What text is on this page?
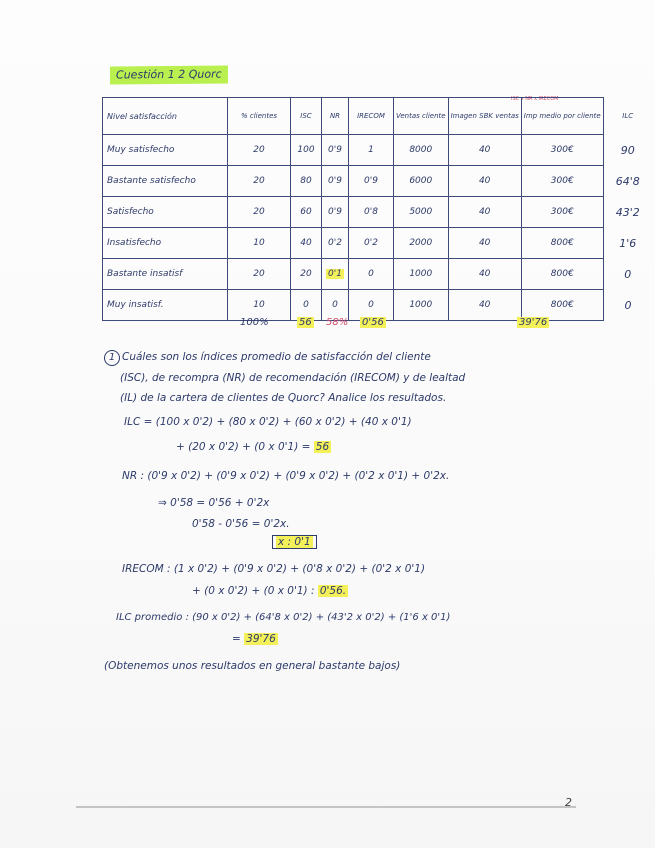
Cuestión 1 2 Quorc
ISC x NR x IRECOM
Nivel satisfacción	% clientes	ISC	NR	IRECOM	Ventas cliente	Imagen SBK ventas	Imp medio por cliente	ILC
Muy satisfecho	20	100	0'9	1	8000	40	300€	90
Bastante satisfecho	20	80	0'9	0'9	6000	40	300€	64'8
Satisfecho	20	60	0'9	0'8	5000	40	300€	43'2
Insatisfecho	10	40	0'2	0'2	2000	40	800€	1'6
Bastante insatisf	20	20	0'1	0	1000	40	800€	0
Muy insatisf.	10	0	0	0	1000	40	800€	0
100%	56 58% 0'56	39'76
1 Cuáles son los índices promedio de satisfacción del cliente
(ISC), de recompra (NR) de recomendación (IRECOM) y de lealtad
(IL) de la cartera de clientes de Quorc? Analice los resultados.
ILC = (100 x 0'2) + (80 x 0'2) + (60 x 0'2) + (40 x 0'1)
+ (20 x 0'2) + (0 x 0'1) = 56
NR : (0'9 x 0'2) + (0'9 x 0'2) + (0'9 x 0'2) + (0'2 x 0'1) + 0'2x.
⇒ 0'58 = 0'56 + 0'2x
0'58 - 0'56 = 0'2x.
x : 0'1
IRECOM : (1 x 0'2) + (0'9 x 0'2) + (0'8 x 0'2) + (0'2 x 0'1)
+ (0 x 0'2) + (0 x 0'1) : 0'56.
ILC promedio : (90 x 0'2) + (64'8 x 0'2) + (43'2 x 0'2) + (1'6 x 0'1)
= 39'76
(Obtenemos unos resultados en general bastante bajos)
2
